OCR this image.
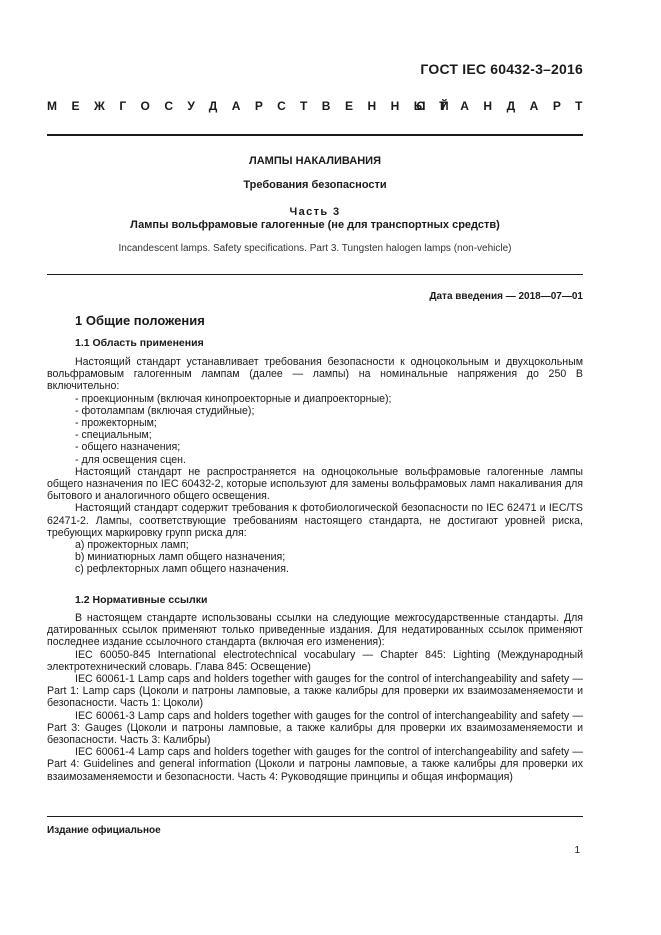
ГОСТ IEC 60432-3–2016
МЕЖГОСУДАРСТВЕННЫЙ
СТАНДАРТ
ЛАМПЫ НАКАЛИВАНИЯ
Требования безопасности
Часть 3
Лампы вольфрамовые галогенные (не для транспортных средств)
Incandescent lamps. Safety specifications. Part 3. Tungsten halogen lamps (non-vehicle)
Дата введения — 2018—07—01
1 Общие положения
1.1 Область применения

Настоящий стандарт устанавливает требования безопасности к одноцокольным и двухцокольным вольфрамовым галогенным лампам (далее — лампы) на номинальные напряжения до 250 В включительно:

- проекционным (включая кинопроекторные и диапроекторные);

- фотолампам (включая студийные);

- прожекторным;

- специальным;

- общего назначения;

- для освещения сцен.

Настоящий стандарт не распространяется на одноцокольные вольфрамовые галогенные лампы общего назначения по IEC 60432-2, которые используют для замены вольфрамовых ламп накаливания для бытового и аналогичного общего освещения.

Настоящий стандарт содержит требования к фотобиологической безопасности по IEC 62471 и IEC/TS 62471-2. Лампы, соответствующие требованиям настоящего стандарта, не достигают уровней риска, требующих маркировку групп риска для:

a) прожекторных ламп;

b) миниатюрных ламп общего назначения;

c) рефлекторных ламп общего назначения.

1.2 Нормативные ссылки

В настоящем стандарте использованы ссылки на следующие межгосударственные стандарты. Для датированных ссылок применяют только приведенные издания. Для недатированных ссылок применяют последнее издание ссылочного стандарта (включая его изменения):

IEC 60050-845 International electrotechnical vocabulary — Chapter 845: Lighting (Международный электротехнический словарь. Глава 845: Освещение)

IEC 60061-1 Lamp caps and holders together with gauges for the control of interchangeability and safety — Part 1: Lamp caps (Цоколи и патроны ламповые, а также калибры для проверки их взаимозаменяемости и безопасности. Часть 1: Цоколи)

IEC 60061-3 Lamp caps and holders together with gauges for the control of interchangeability and safety — Part 3: Gauges (Цоколи и патроны ламповые, а также калибры для проверки их взаимозаменяемости и безопасности. Часть 3: Калибры)

IEC 60061-4 Lamp caps and holders together with gauges for the control of interchangeability and safety — Part 4: Guidelines and general information (Цоколи и патроны ламповые, а также калибры для проверки их взаимозаменяемости и безопасности. Часть 4: Руководящие принципы и общая информация)

Издание официальное
1
